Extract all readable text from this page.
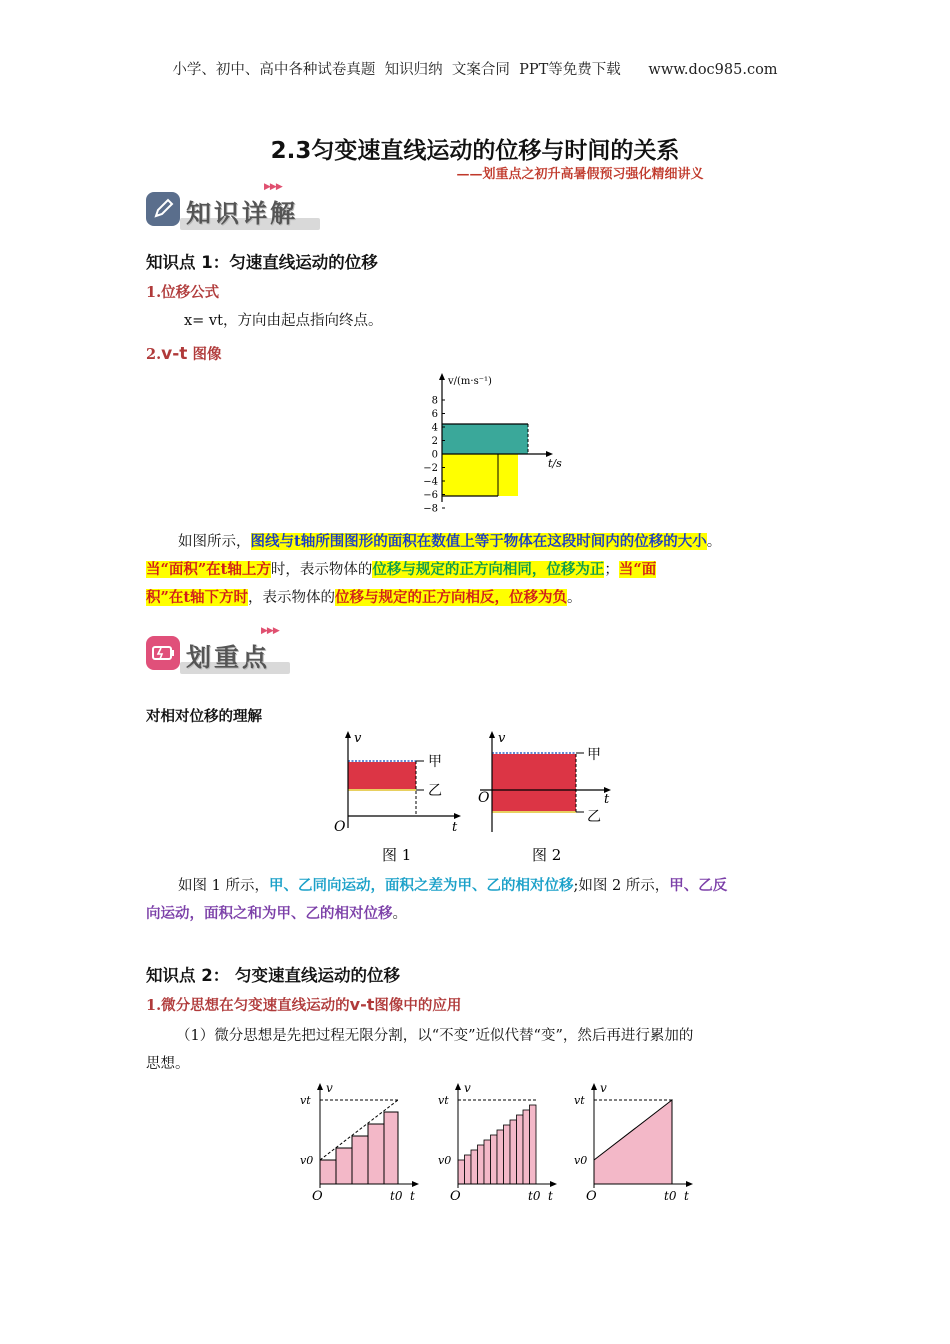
小学、初中、高中各种试卷真题  知识归纳  文案合同  PPT等免费下载      www.doc985.com
2.3匀变速直线运动的位移与时间的关系
——划重点之初升高暑假预习强化精细讲义
▶▶▶
知识详解
知识点 1：匀速直线运动的位移
1.位移公式
x= vt，方向由起点指向终点。
2.v-t 图像
v/(m·s⁻¹)
t/s
8
6
4
2
0
−2
−4
−6
−8
如图所示，图线与t轴所围图形的面积在数值上等于物体在这段时间内的位移的大小。
当“面积”在t轴上方时，表示物体的位移与规定的正方向相同，位移为正；当“面
积”在t轴下方时，表示物体的位移与规定的正方向相反，位移为负。
▶▶▶
划重点
对相对位移的理解
v
t
O
甲
乙
图 1
v
t
O
甲
乙
图 2
如图 1 所示，甲、乙同向运动，面积之差为甲、乙的相对位移;如图 2 所示，甲、乙反
向运动，面积之和为甲、乙的相对位移。
知识点 2： 匀变速直线运动的位移
1.微分思想在匀变速直线运动的v-t图像中的应用
（1）微分思想是先把过程无限分割，以“不变”近似代替“变”，然后再进行累加的
思想。
v
vt
v0
O	t0 t
v
vt
v0
O	t0 t
v
vt
v0
O	t0 t
